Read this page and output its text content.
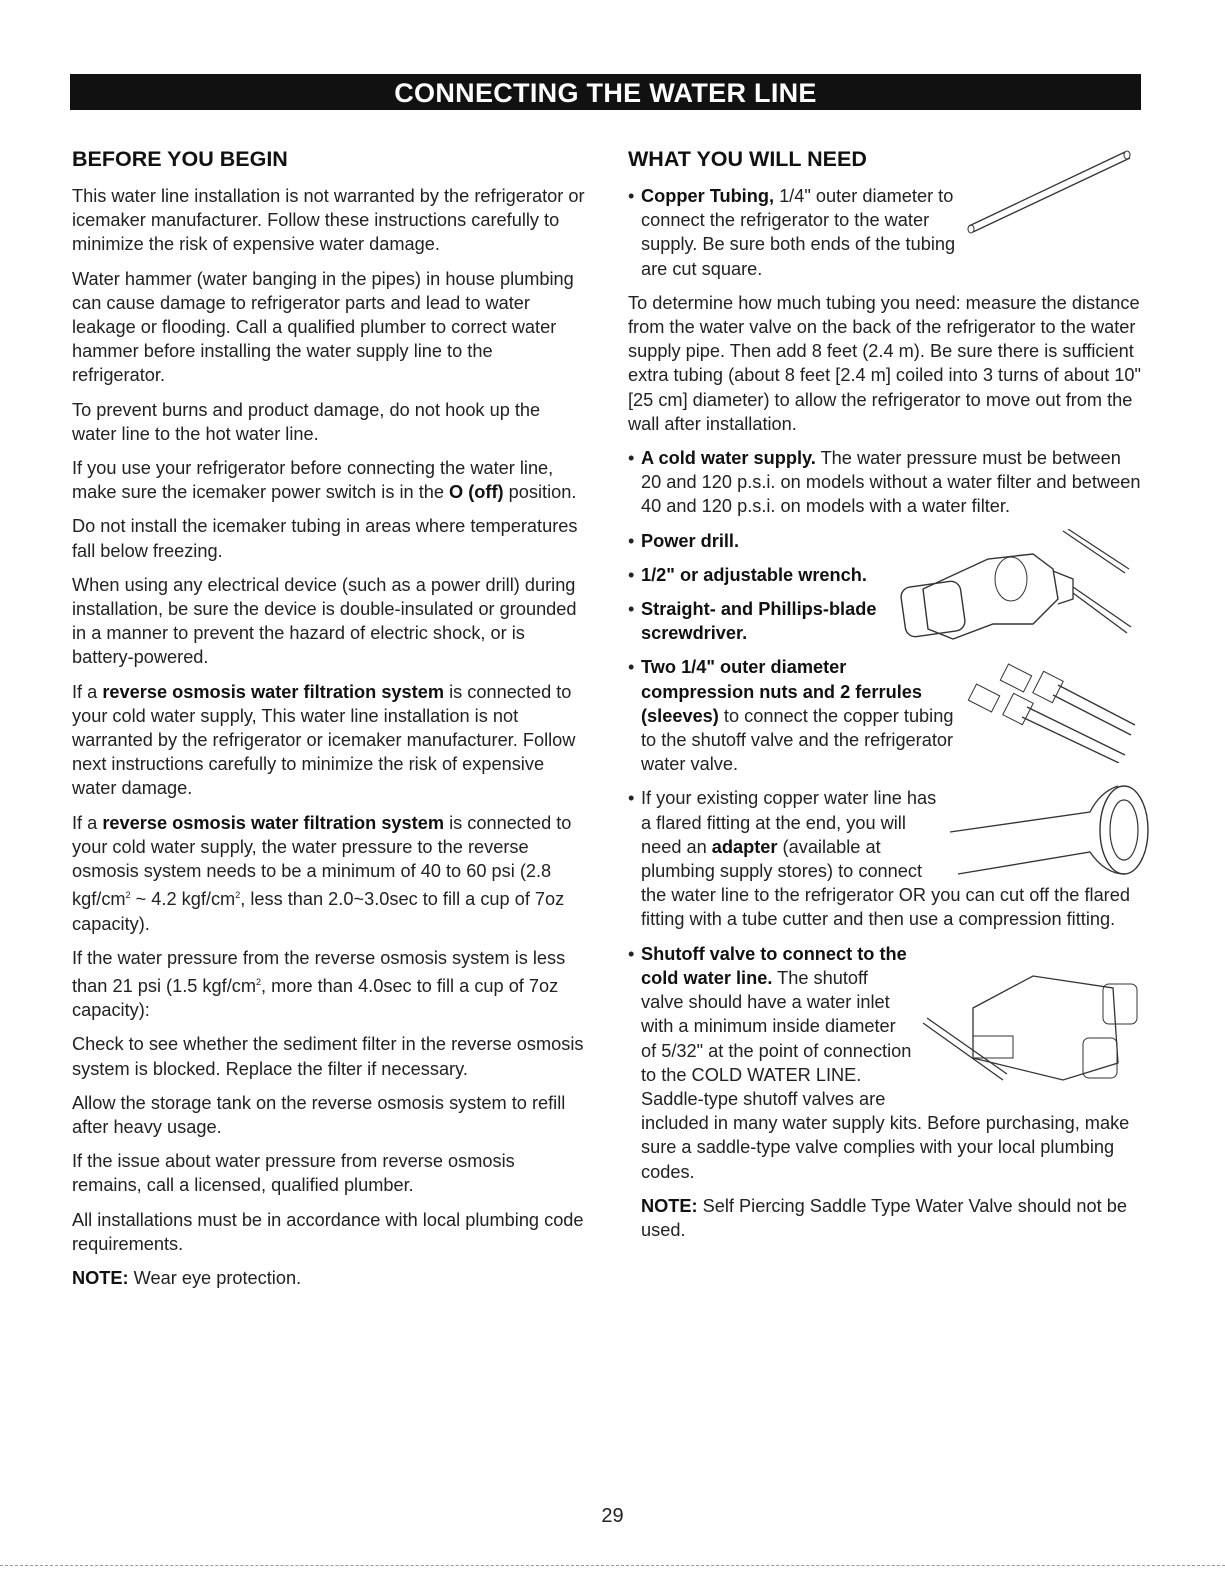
CONNECTING THE WATER LINE
BEFORE YOU BEGIN

This water line installation is not warranted by the refrigerator or icemaker manufacturer. Follow these instructions carefully to minimize the risk of expensive water damage.

Water hammer (water banging in the pipes) in house plumbing can cause damage to refrigerator parts and lead to water leakage or flooding. Call a qualified plumber to correct water hammer before installing the water supply line to the refrigerator.

To prevent burns and product damage, do not hook up the water line to the hot water line.

If you use your refrigerator before connecting the water line, make sure the icemaker power switch is in the O (off) position.

Do not install the icemaker tubing in areas where temperatures fall below freezing.

When using any electrical device (such as a power drill) during installation, be sure the device is double-insulated or grounded in a manner to prevent the hazard of electric shock, or is battery-powered.

If a reverse osmosis water filtration system is connected to your cold water supply, This water line installation is not warranted by the refrigerator or icemaker manufacturer. Follow next instructions carefully to minimize the risk of expensive water damage.

If a reverse osmosis water filtration system is connected to your cold water supply, the water pressure to the reverse osmosis system needs to be a minimum of 40 to 60 psi (2.8 kgf/$cm^2$ ~ 4.2 kgf/$cm^2$, less than 2.0~3.0sec to fill a cup of 7oz capacity).

If the water pressure from the reverse osmosis system is less than 21 psi (1.5 kgf/$cm^2$, more than 4.0sec to fill a cup of 7oz capacity):

Check to see whether the sediment filter in the reverse osmosis system is blocked. Replace the filter if necessary.

Allow the storage tank on the reverse osmosis system to refill after heavy usage.

If the issue about water pressure from reverse osmosis remains, call a licensed, qualified plumber.

All installations must be in accordance with local plumbing code requirements.

NOTE: Wear eye protection.

WHAT YOU WILL NEED
• Copper Tubing, 1/4" outer diameter to connect the refrigerator to the water supply. Be sure both ends of the tubing are cut square.

To determine how much tubing you need: measure the distance from the water valve on the back of the refrigerator to the water supply pipe. Then add 8 feet (2.4 m). Be sure there is sufficient extra tubing (about 8 feet [2.4 m] coiled into 3 turns of about 10" [25 cm] diameter) to allow the refrigerator to move out from the wall after installation.

• A cold water supply. The water pressure must be between 20 and 120 p.s.i. on models without a water filter and between 40 and 120 p.s.i. on models with a water filter.
• Power drill.
• 1/2" or adjustable wrench.
• Straight- and Phillips-blade screwdriver.
• Two 1/4" outer diameter compression nuts and 2 ferrules (sleeves) to connect the copper tubing to the shutoff valve and the refrigerator water valve.
• If your existing copper water line has a flared fitting at the end, you will need an adapter (available at plumbing supply stores) to connect the water line to the refrigerator OR you can cut off the flared fitting with a tube cutter and then use a compression fitting.
• Shutoff valve to connect to the cold water line. The shutoff valve should have a water inlet with a minimum inside diameter of 5/32" at the point of connection to the COLD WATER LINE. Saddle-type shutoff valves are included in many water supply kits. Before purchasing, make sure a saddle-type valve complies with your local plumbing codes.

NOTE: Self Piercing Saddle Type Water Valve should not be used.

29
